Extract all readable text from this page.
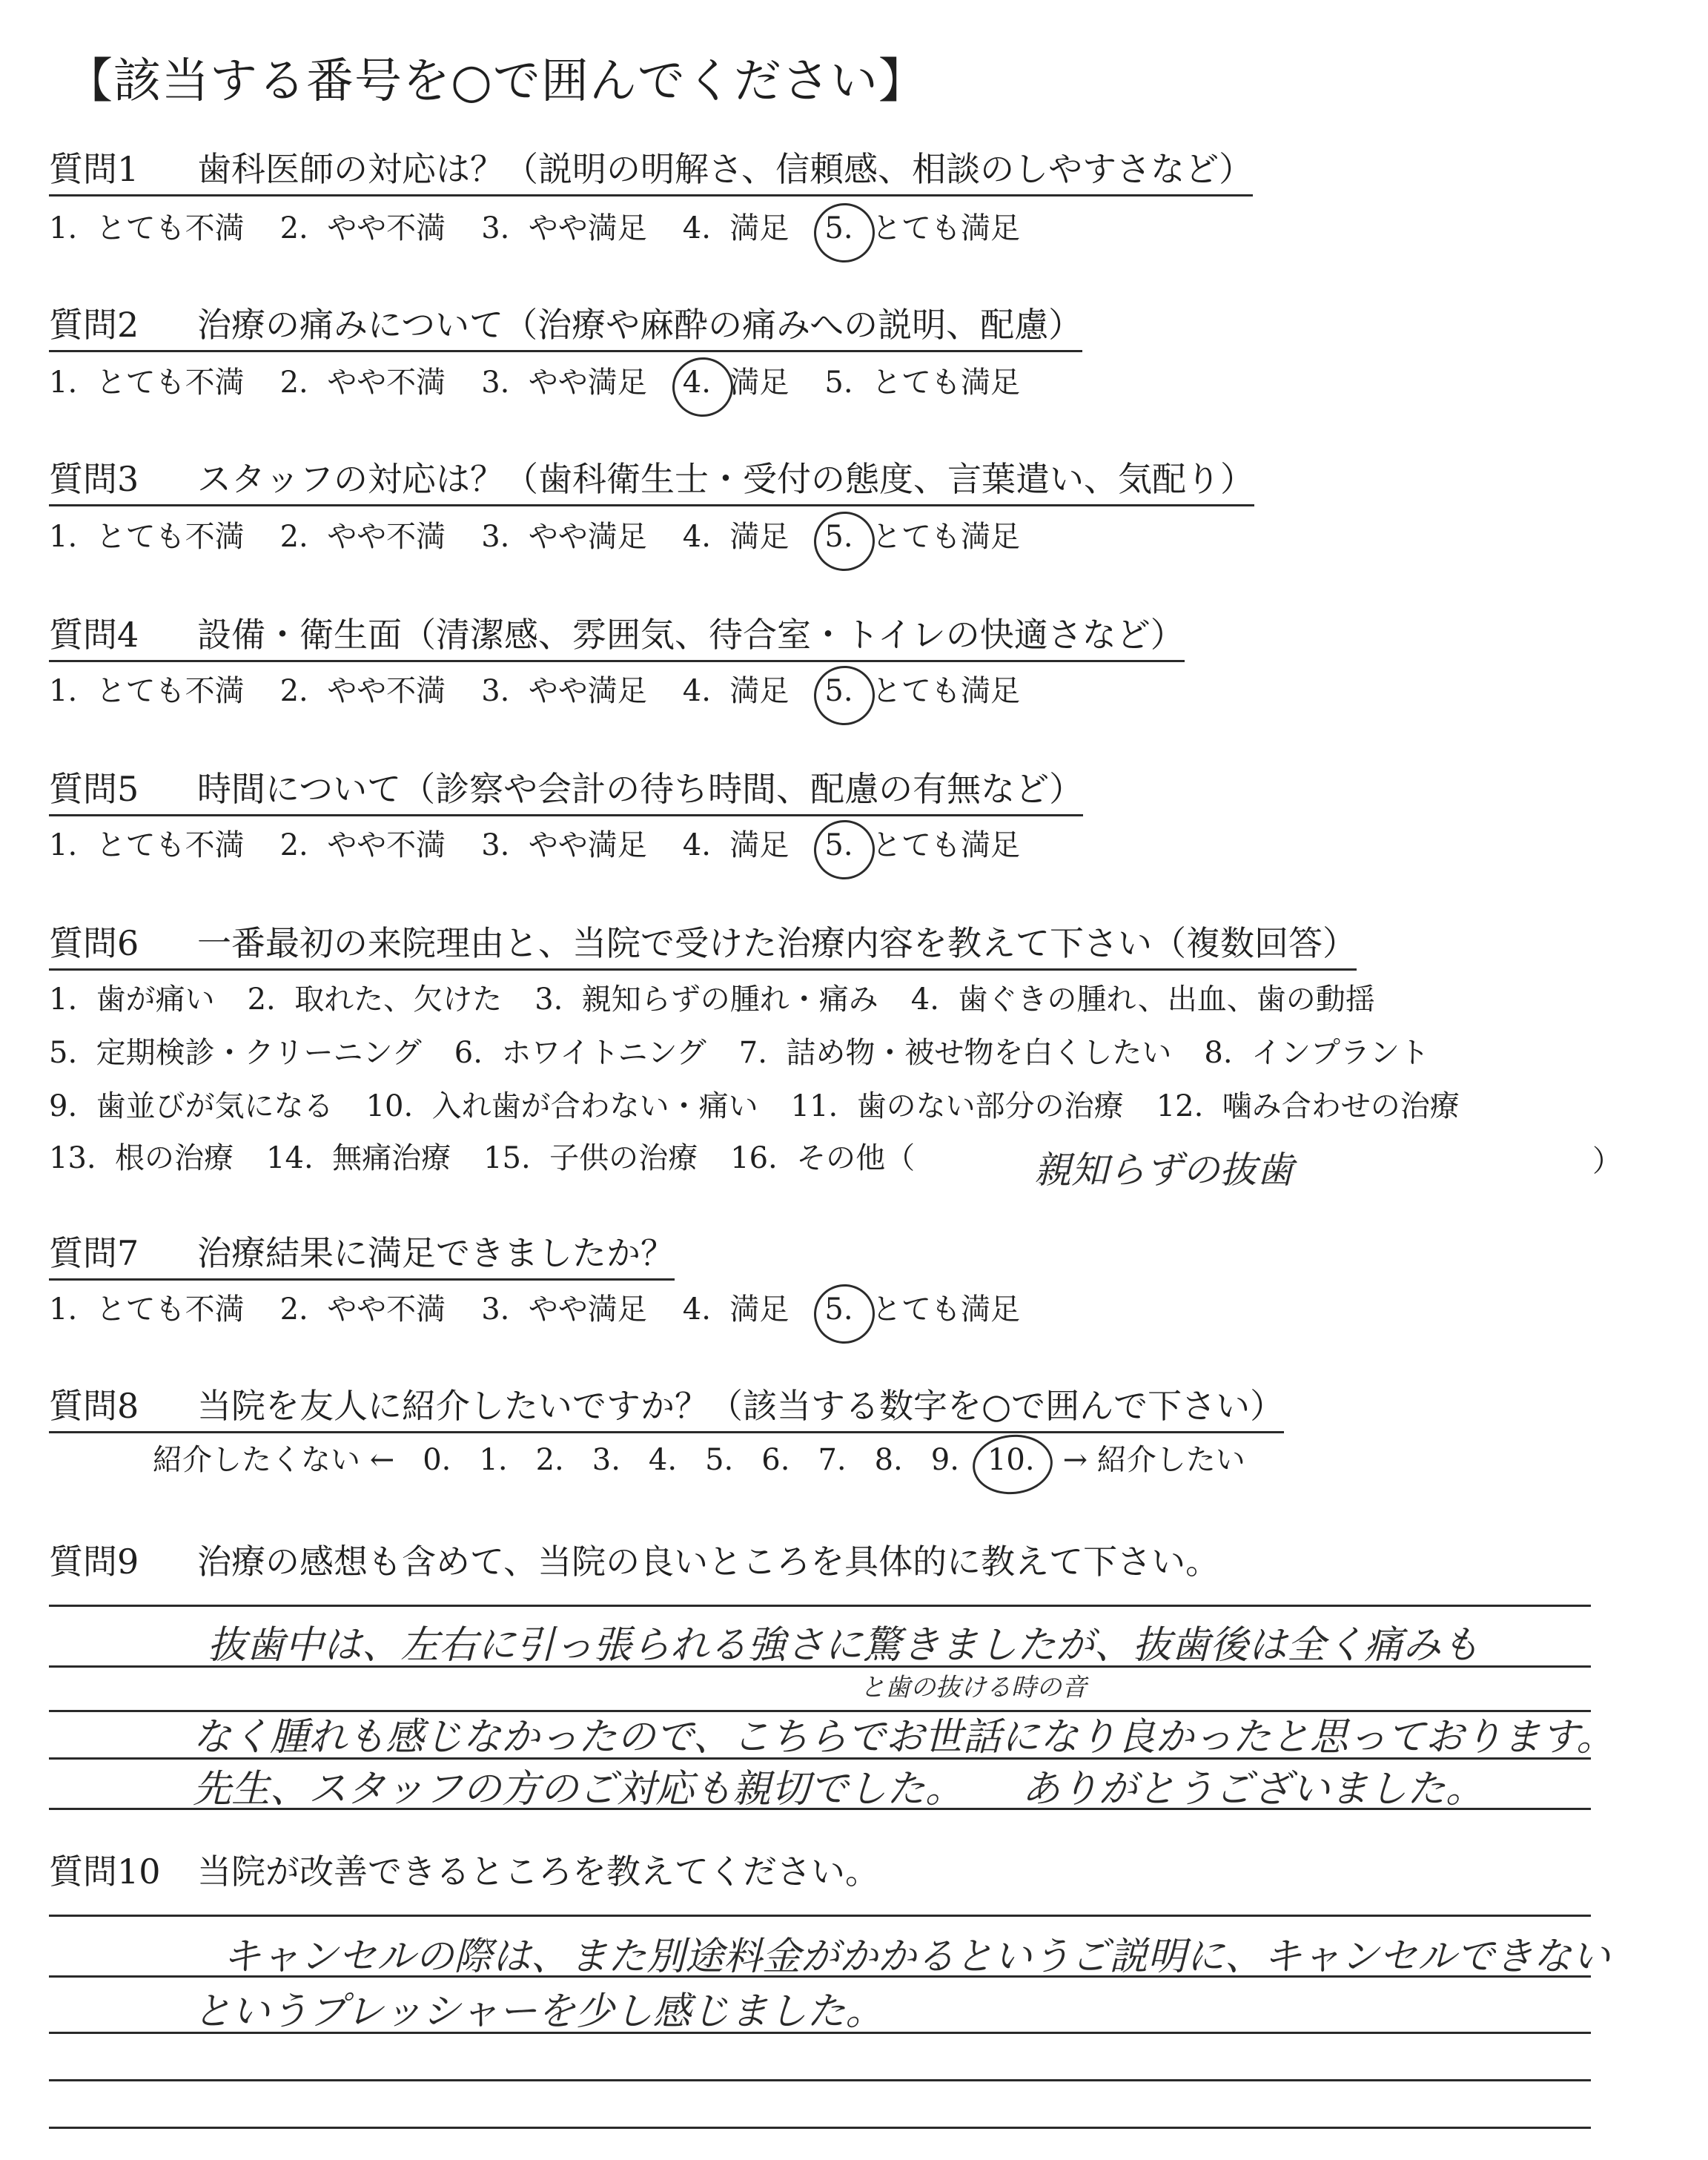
【該当する番号を○で囲んでください】
質問1 歯科医師の対応は？（説明の明解さ、信頼感、相談のしやすさなど）
1.  とても不満 2.  やや不満 3.  やや満足 4.  満足 5.  とても満足
質問2 治療の痛みについて（治療や麻酔の痛みへの説明、配慮）
1.  とても不満 2.  やや不満 3.  やや満足 4.  満足 5.  とても満足
質問3 スタッフの対応は？（歯科衛生士・受付の態度、言葉遣い、気配り）
1.  とても不満 2.  やや不満 3.  やや満足 4.  満足 5.  とても満足
質問4 設備・衛生面（清潔感、雰囲気、待合室・トイレの快適さなど）
1.  とても不満 2.  やや不満 3.  やや満足 4.  満足 5.  とても満足
質問5 時間について（診察や会計の待ち時間、配慮の有無など）
1.  とても不満 2.  やや不満 3.  やや満足 4.  満足 5.  とても満足
質問6 一番最初の来院理由と、当院で受けた治療内容を教えて下さい（複数回答）
1.  歯が痛い 2.  取れた、欠けた 3.  親知らずの腫れ・痛み 4.  歯ぐきの腫れ、出血、歯の動揺
5.  定期検診・クリーニング 6.  ホワイトニング 7.  詰め物・被せ物を白くしたい 8.  インプラント
9.  歯並びが気になる 10.  入れ歯が合わない・痛い 11.  歯のない部分の治療 12.  噛み合わせの治療
13.  根の治療 14.  無痛治療 15.  子供の治療 16.  その他（	親知らずの抜歯	）
質問7 治療結果に満足できましたか？
1.  とても不満 2.  やや不満 3.  やや満足 4.  満足 5.  とても満足
質問8 当院を友人に紹介したいですか？（該当する数字を○で囲んで下さい）
紹介したくない ← 0. 1. 2. 3. 4. 5. 6. 7. 8. 9. 10. → 紹介したい
質問9 治療の感想も含めて、当院の良いところを具体的に教えて下さい。
抜歯中は、左右に引っ張られる強さに驚きましたが、抜歯後は全く痛みも
と歯の抜ける時の音
なく腫れも感じなかったので、こちらでお世話になり良かったと思っております。
先生、スタッフの方のご対応も親切でした。　　ありがとうございました。
質問10 当院が改善できるところを教えてください。
キャンセルの際は、また別途料金がかかるというご説明に、キャンセルできない
というプレッシャーを少し感じました。
